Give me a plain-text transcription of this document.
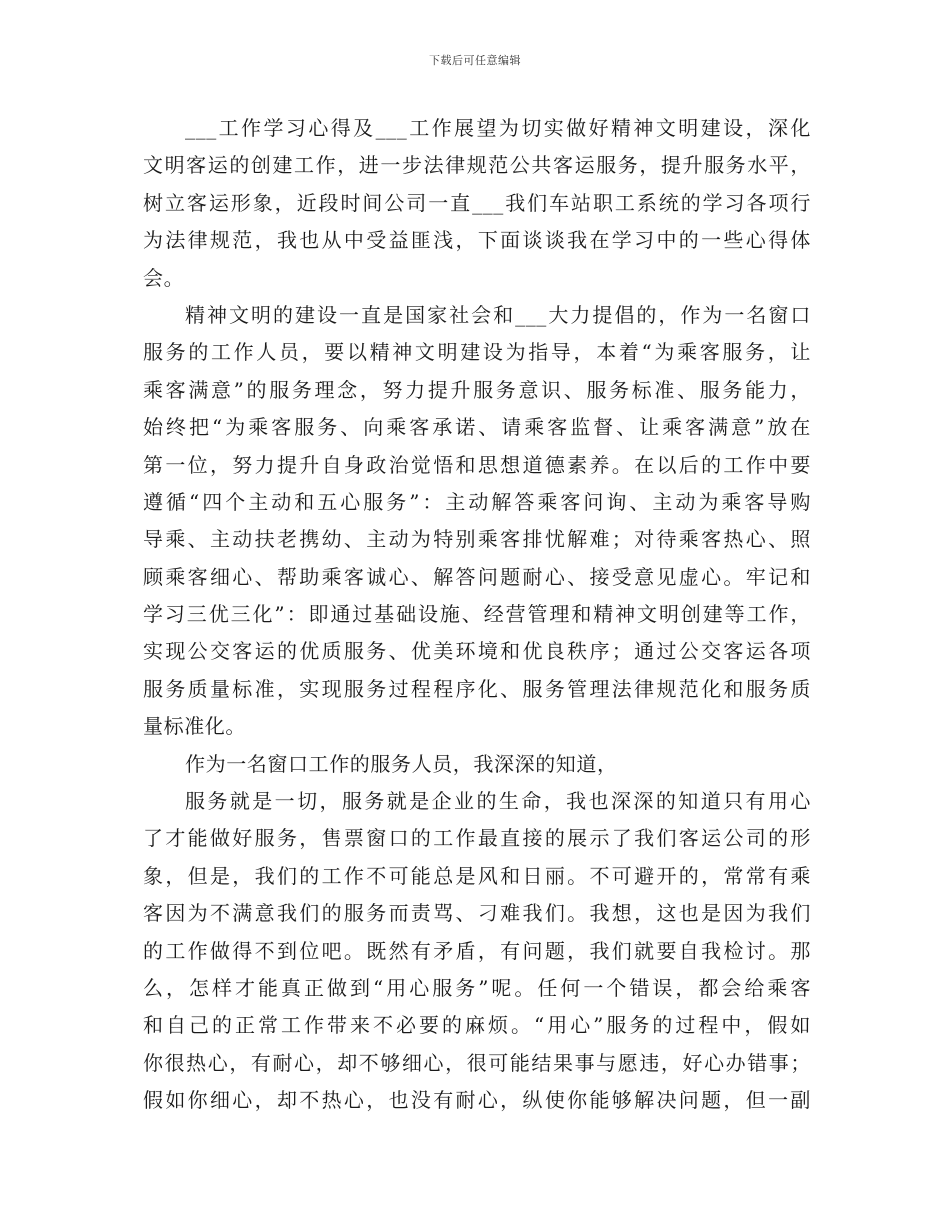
下载后可任意编辑
___工作学习心得及___工作展望为切实做好精神文明建设，深化
文明客运的创建工作，进一步法律规范公共客运服务，提升服务水平，
树立客运形象，近段时间公司一直___我们车站职工系统的学习各项行
为法律规范，我也从中受益匪浅，下面谈谈我在学习中的一些心得体
会。
精神文明的建设一直是国家社会和___大力提倡的，作为一名窗口
服务的工作人员，要以精神文明建设为指导，本着“为乘客服务，让
乘客满意”的服务理念，努力提升服务意识、服务标准、服务能力，
始终把“为乘客服务、向乘客承诺、请乘客监督、让乘客满意”放在
第一位，努力提升自身政治觉悟和思想道德素养。在以后的工作中要
遵循“四个主动和五心服务”：主动解答乘客问询、主动为乘客导购
导乘、主动扶老携幼、主动为特别乘客排忧解难；对待乘客热心、照
顾乘客细心、帮助乘客诚心、解答问题耐心、接受意见虚心。牢记和
学习三优三化”：即通过基础设施、经营管理和精神文明创建等工作，
实现公交客运的优质服务、优美环境和优良秩序；通过公交客运各项
服务质量标准，实现服务过程程序化、服务管理法律规范化和服务质
量标准化。
作为一名窗口工作的服务人员，我深深的知道，
服务就是一切，服务就是企业的生命，我也深深的知道只有用心
了才能做好服务，售票窗口的工作最直接的展示了我们客运公司的形
象，但是，我们的工作不可能总是风和日丽。不可避开的，常常有乘
客因为不满意我们的服务而责骂、刁难我们。我想，这也是因为我们
的工作做得不到位吧。既然有矛盾，有问题，我们就要自我检讨。那
么，怎样才能真正做到“用心服务”呢。任何一个错误，都会给乘客
和自己的正常工作带来不必要的麻烦。“用心”服务的过程中，假如
你很热心，有耐心，却不够细心，很可能结果事与愿违，好心办错事；
假如你细心，却不热心，也没有耐心，纵使你能够解决问题，但一副
